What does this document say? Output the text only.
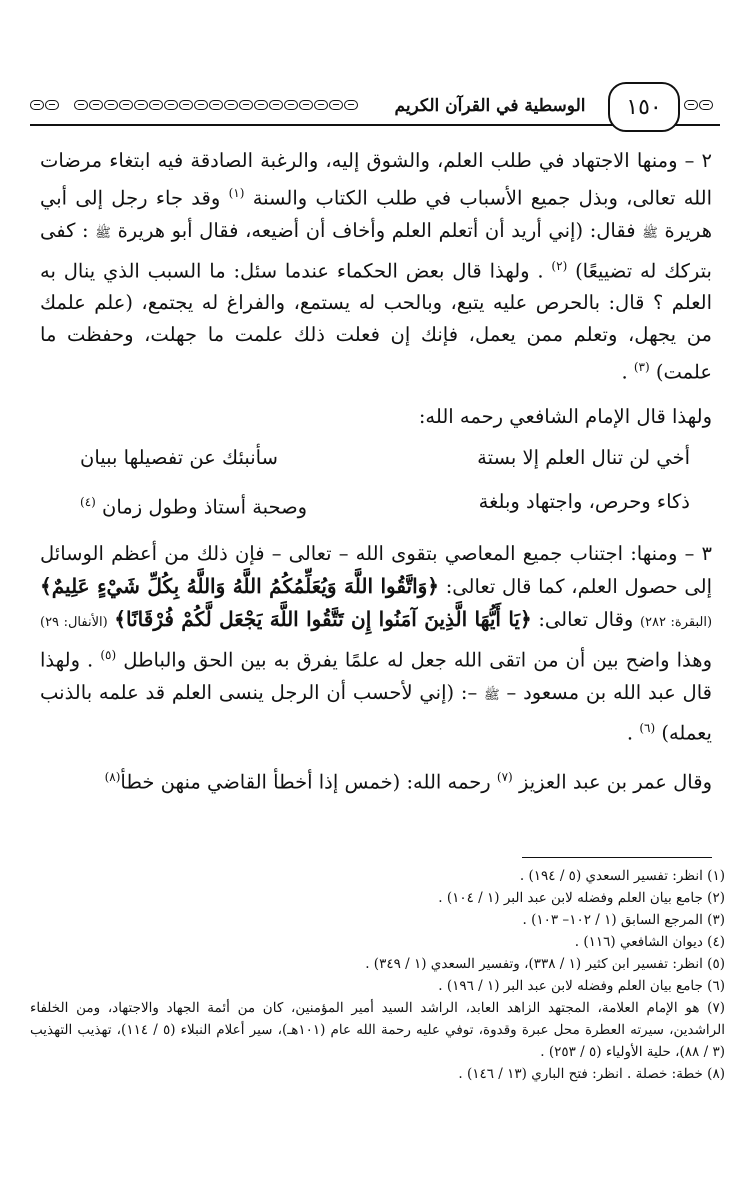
الوسطية في القرآن الكريم	١٥٠

٢ – ومنها الاجتهاد في طلب العلم، والشوق إليه، والرغبة الصادقة فيه ابتغاء مرضات الله تعالى، وبذل جميع الأسباب في طلب الكتاب والسنة $^{(١)}$ وقد جاء رجل إلى أبي هريرة ﷺ فقال: (إني أريد أن أتعلم العلم وأخاف أن أضيعه، فقال أبو هريرة ﷺ : كفى بتركك له تضييعًا) $^{(٢)}$ . ولهذا قال بعض الحكماء عندما سئل: ما السبب الذي ينال به العلم ؟ قال: بالحرص عليه يتبع، وبالحب له يستمع، والفراغ له يجتمع، (علم علمك من يجهل، وتعلم ممن يعمل، فإنك إن فعلت ذلك علمت ما جهلت، وحفظت ما علمت) $^{(٣)}$ .

ولهذا قال الإمام الشافعي رحمه الله:

أخي لن تنال العلم إلا بستة
سأنبئك عن تفصيلها ببيان
ذكاء وحرص، واجتهاد وبلغة
وصحبة أستاذ وطول زمان $^{(٤)}$

٣ – ومنها: اجتناب جميع المعاصي بتقوى الله – تعالى – فإن ذلك من أعظم الوسائل إلى حصول العلم، كما قال تعالى: ﴿وَاتَّقُوا اللَّهَ وَيُعَلِّمُكُمُ اللَّهُ وَاللَّهُ بِكُلِّ شَيْءٍ عَلِيمٌ﴾ (البقرة: ٢٨٢) وقال تعالى: ﴿يَا أَيُّهَا الَّذِينَ آمَنُوا إِن تَتَّقُوا اللَّهَ يَجْعَل لَّكُمْ فُرْقَانًا﴾ (الأنفال: ٢٩) وهذا واضح بين أن من اتقى الله جعل له علمًا يفرق به بين الحق والباطل $^{(٥)}$ . ولهذا قال عبد الله بن مسعود – ﷺ –: (إني لأحسب أن الرجل ينسى العلم قد علمه بالذنب يعمله) $^{(٦)}$ .

وقال عمر بن عبد العزيز $^{(٧)}$ رحمه الله: (خمس إذا أخطأ القاضي منهن خطأ$^{(٨)}$

(١) انظر: تفسير السعدي (٥ / ١٩٤) .
(٢) جامع بيان العلم وفضله لابن عبد البر (١ / ١٠٤) .
(٣) المرجع السابق (١ / ١٠٢– ١٠٣) .
(٤) ديوان الشافعي (١١٦) .
(٥) انظر: تفسير ابن كثير (١ / ٣٣٨)، وتفسير السعدي (١ / ٣٤٩) .
(٦) جامع بيان العلم وفضله لابن عبد البر (١ / ١٩٦) .
(٧) هو الإمام العلامة، المجتهد الزاهد العابد، الراشد السيد أمير المؤمنين، كان من أئمة الجهاد والاجتهاد، ومن الخلفاء الراشدين، سيرته العطرة محل عبرة وقدوة، توفي عليه رحمة الله عام (١٠١هـ)، سير أعلام النبلاء (٥ / ١١٤)، تهذيب التهذيب (٣ / ٨٨)، حلية الأولياء (٥ / ٢٥٣) .
(٨) خطة: خصلة . انظر: فتح الباري (١٣ / ١٤٦) .
